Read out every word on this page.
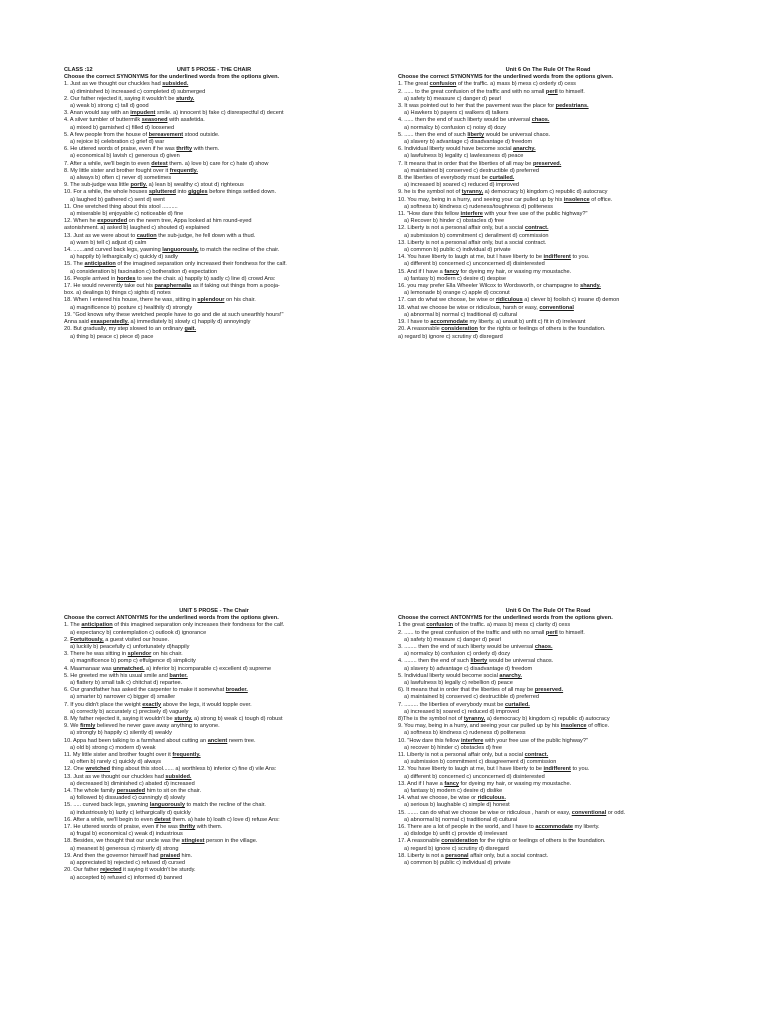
CLASS :12	UNIT 5 PROSE - THE CHAIR
Choose the correct SYNONYMS for the underlined words from the options given.
1. Just as we thought our chuckles had subsided.
a) diminished b) increased c) completed d) submerged
2. Our father rejected it, saying it wouldn't be sturdy.
a) weak b) strong c) tall d) good
3. Anan would say with an impudent smile. a) innocent b) fake c) disrespectful d) decent
4. A silver tumbler of buttermilk seasoned with asafetida.
a) mixed b) garnished c) filled d) loosened
5. A few people from the house of bereavement stood outside.
a) rejoice b) celebration c) grief d) war
6. He uttered words of praise, even if he was thrifty with them.
a) economical b) lavish c) generous d) given
7. After a while, we'll begin to even detest them. a) love b) care for c) hate d) show
8. My little sister and brother fought over it frequently.
a) always b) often c) never d) sometimes
9. The sub-judge was little portly. a) lean b) wealthy c) stout d) righteous
10. For a while, the whole houses spluttered into giggles before things settled down.
a) laughed b) gathered c) sent d) went
11. One wretched thing about this stool ..........
a) miserable b) enjoyable c) noticeable d) fine
12. When he expounded on the neem tree, Appa looked at him round-eyed
astonishment. a) asked b) laughed c) shouted d) explained
13. Just as we were about to caution the sub-judge, he fell down with a thud.
a) warn b) tell c) adjust d) calm
14. .......and curved back legs, yawning languorously, to match the recline of the chair.
a) happily b) lethargically c) quickly d) sadly
15. The anticipation of the imagined separation only increased their fondness for the calf.
a) consideration b) fascination c) botheration d) expectation
16. People arrived in hordes to see the chair. a) happily b) sadly c) line d) crowd Ans:
17. He would reverently take out his paraphernalia as if taking out things from a pooja-
box. a) dealings b) things c) sights d) notes
18. When I entered his house, there he was, sitting in splendour on his chair.
a) magnificence b) posture c) healthily d) strongly
19. "God knows why these wretched people have to go and die at such unearthly hours!"
Anna said exasperatedly. a) immediately b) slowly c) happily d) annoyingly
20. But gradually, my step slowed to an ordinary gait.
a) thing b) peace c) piece d) pace
Unit 6 On The Rule Of The Road
Choose the correct SYNONYMS for the underlined words from the options given.
1. The great confusion of the traffic. a) mass b) mess c) orderly d) cess
2. ...... to the great confusion of the traffic and with no small peril to himself.
a) safety b) measure c) danger d) pearl
3. It was pointed out to her that the pavement was the place for pedestrians.
a) Hawkers b) payers c) walkers d) talkers
4. ...... then the end of such liberty would be universal chaos.
a) normalcy b) confusion c) noisy d) dozy
5. ...... then the end of such liberty would be universal chaos.
a) slavery b) advantage c) disadvantage d) freedom
6. Individual liberty would have become social anarchy.
a) lawfulness b) legality c) lawlessness d) peace
7. It means that in order that the liberties of all may be preserved.
a) maintained b) conserved c) destructible d) preferred
8. the liberties of everybody must be curtailed.
a) increased b) soared c) reduced d) improved
9. he is the symbol not of tyranny, a) democracy b) kingdom c) republic d) autocracy
10. You may, being in a hurry, and seeing your car pulled up by his insolence of office.
a) softness b) kindness c) rudeness/toughness d) politeness
11. "How dare this fellow interfere with your free use of the public highway?"
a) Recover b) hinder c) obstacles d) free
12. Liberty is not a personal affair only, but a social contract.
a) submission b) commitment c) derailment d) commission
13. Liberty is not a personal affair only, but a social contract.
a) common b) public c) individual d) private
14. You have liberty to laugh at me, but I have liberty to be indifferent to you.
a) different b) concerned c) unconcerned d) disinterested
15. And if I have a fancy for dyeing my hair, or waxing my moustache.
a) fantasy b) modern c) desire d) despise
16. you may prefer Ella Wheeler Wilcox to Wordsworth, or champagne to shandy.
a) lemonade b) orange c) apple d) coconut
17. can do what we choose, be wise or ridiculous a) clever b) foolish c) insane d) demon
18. what we choose be wise or ridiculous, harsh or easy, conventional
a) abnormal b) normal c) traditional d) cultural
19. I have to accommodate my liberty. a) unsuit b) unfit c) fit in d) irrelevant
20. A reasonable consideration for the rights or feelings of others is the foundation.
a) regard b) ignore c) scrutiny d) disregard
UNIT 5 PROSE - The Chair
Choose the correct ANTONYMS for the underlined words from the options given.
1. The anticipation of this imagined separation only increases their fondness for the calf.
a) expectancy b) contemplation c) outlook d) ignorance
2. Fortuitously, a guest visited our house.
a) luckily b) peacefully c) unfortunately d)happily
3. There he was sitting in splendor on his chair.
a) magnificence b) pomp c) effulgence d) simplicity
4. Maamanaar was unmatched. a) inferior b) incomparable c) excellent d) supreme
5. He greeted me with his usual smile and banter.
a) flattery b) small talk c) chitchat d) repartee.
6. Our grandfather has asked the carpenter to make it somewhat broader.
a) smarter b) narrower c) bigger d) smaller
7. If you didn't place the weight exactly above the legs, it would topple over.
a) correctly b) accurately c) precisely d) vaguely
8. My father rejected it, saying it wouldn't be sturdy. a) strong b) weak c) tough d) robust
9. We firmly believed he never gave away anything to anyone.
a) strongly b) happily c) silently d) weakly
10. Appa had been talking to a farmhand about cutting an ancient neem tree.
a) old b) strong c) modern d) weak
11. My little sister and brother fought over it frequently.
a) often b) rarely c) quickly d) always
12. One wretched thing about this stool....... a) worthless b) inferior c) fine d) vile Ans:
13. Just as we thought our chuckles had subsided.
a) decreased b) diminished c) abated d) increased
14. The whole family persuaded him to sit on the chair.
a) followed b) dissuaded c) cunningly d) slowly
15. ..... curved back legs, yawning languorously to match the recline of the chair.
a) industriously b) lazily c) lethargically d) quickly
16. After a while, we'll begin to even detest them. a) hate b) loath c) love d) refuse Ans:
17. He uttered words of praise, even if he was thrifty with them.
a) frugal b) economical c) weak d) industrious
18. Besides, we thought that our uncle was the stingiest person in the village.
a) meanest b) generous c) miserly d) strong
19. And then the governor himself had praised him.
a) appreciated b) rejected c) refused d) cursed
20. Our father rejected it saying it wouldn't be sturdy.
a) accepted b) refused c) informed d) banned
Unit 6 On The Rule Of The Road
Choose the correct ANTONYMS for the underlined words from the options given.
1 the great confusion of the traffic. a) mass b) mess c) clarity d) cess
2. ...... to the great confusion of the traffic and with no small peril to himself.
a) safety b) measure c) danger d) pearl
3. ........ then the end of such liberty would be universal chaos.
a) normalcy b) confusion c) orderly d) dozy
4. ........ then the end of such liberty would be universal chaos.
a) slavery b) advantage c) disadvantage d) freedom
5. Individual liberty would become social anarchy.
a) lawfulness b) legally c) rebellion d) peace
6). It means that in order that the liberties of all may be preserved.
a) maintained b) conserved c) destructible d) preferred
7. ......... the liberties of everybody must be curtailed.
a) increased b) soared c) reduced d) improved
8)The is the symbol not of tyranny, a) democracy b) kingdom c) republic d) autocracy
9. You may, being in a hurry, and seeing your car pulled up by his insolence of office.
a) softness b) kindness c) rudeness d) politeness
10. "How dare this fellow interfere with your free use of the public highway?"
a) recover b) hinder c) obstacles d) free
11. Liberty is not a personal affair only, but a social contract.
a) submission b) commitment c) disagreement d) commission
12. You have liberty to laugh at me, but I have liberty to be indifferent to you.
a) different b) concerned c) unconcerned d) disinterested
13. And if I have a fancy for dyeing my hair, or waxing my moustache.
a) fantasy b) modern c) desire d) dislike
14. what we choose, be wise or ridiculous.
a) serious b) laughable c) simple d) honest
15. ....... can do what we choose be wise or ridiculous , harsh or easy, conventional or odd.
a) abnormal b) normal c) traditional d) cultural
16. There are a lot of people in the world, and I have to accommodate my liberty.
a) dislodge b) unfit c) provide d) irrelevant
17. A reasonable consideration for the rights or feelings of others is the foundation.
a) regard b) ignore c) scrutiny d) disregard
18. Liberty is not a personal affair only, but a social contract.
a) common b) public c) individual d) private
